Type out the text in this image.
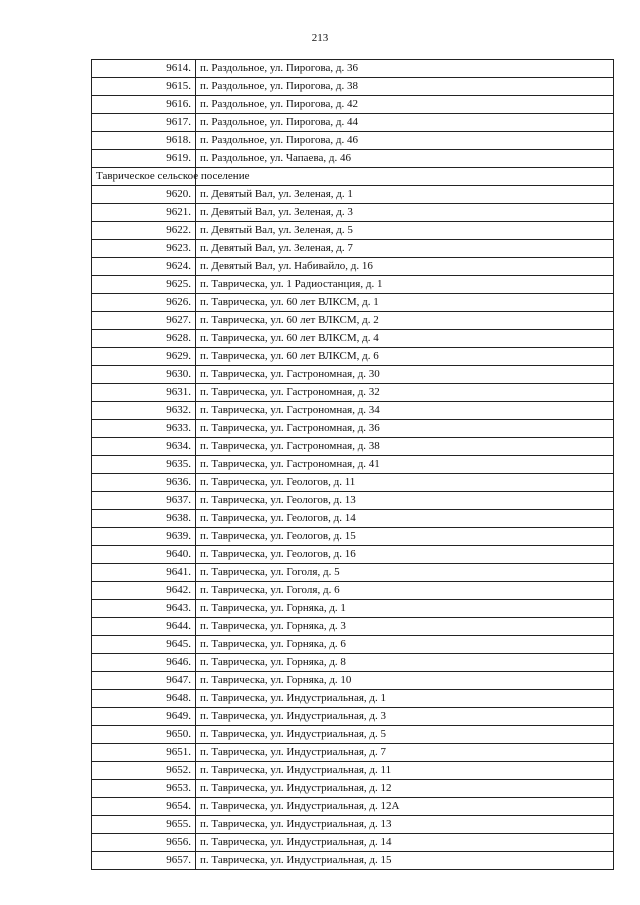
213
9614.	п. Раздольное, ул. Пирогова, д. 36
9615.	п. Раздольное, ул. Пирогова, д. 38
9616.	п. Раздольное, ул. Пирогова, д. 42
9617.	п. Раздольное, ул. Пирогова, д. 44
9618.	п. Раздольное, ул. Пирогова, д. 46
9619.	п. Раздольное, ул. Чапаева, д. 46
Таврическое сельское поселение	
9620.	п. Девятый Вал, ул. Зеленая, д. 1
9621.	п. Девятый Вал, ул. Зеленая, д. 3
9622.	п. Девятый Вал, ул. Зеленая, д. 5
9623.	п. Девятый Вал, ул. Зеленая, д. 7
9624.	п. Девятый Вал, ул. Набивайло, д. 16
9625.	п. Таврическа, ул. 1 Радиостанция, д. 1
9626.	п. Таврическа, ул. 60 лет ВЛКСМ, д. 1
9627.	п. Таврическа, ул. 60 лет ВЛКСМ, д. 2
9628.	п. Таврическа, ул. 60 лет ВЛКСМ, д. 4
9629.	п. Таврическа, ул. 60 лет ВЛКСМ, д. 6
9630.	п. Таврическа, ул. Гастрономная, д. 30
9631.	п. Таврическа, ул. Гастрономная, д. 32
9632.	п. Таврическа, ул. Гастрономная, д. 34
9633.	п. Таврическа, ул. Гастрономная, д. 36
9634.	п. Таврическа, ул. Гастрономная, д. 38
9635.	п. Таврическа, ул. Гастрономная, д. 41
9636.	п. Таврическа, ул. Геологов, д. 11
9637.	п. Таврическа, ул. Геологов, д. 13
9638.	п. Таврическа, ул. Геологов, д. 14
9639.	п. Таврическа, ул. Геологов, д. 15
9640.	п. Таврическа, ул. Геологов, д. 16
9641.	п. Таврическа, ул. Гоголя, д. 5
9642.	п. Таврическа, ул. Гоголя, д. 6
9643.	п. Таврическа, ул. Горняка, д. 1
9644.	п. Таврическа, ул. Горняка, д. 3
9645.	п. Таврическа, ул. Горняка, д. 6
9646.	п. Таврическа, ул. Горняка, д. 8
9647.	п. Таврическа, ул. Горняка, д. 10
9648.	п. Таврическа, ул. Индустриальная, д. 1
9649.	п. Таврическа, ул. Индустриальная, д. 3
9650.	п. Таврическа, ул. Индустриальная, д. 5
9651.	п. Таврическа, ул. Индустриальная, д. 7
9652.	п. Таврическа, ул. Индустриальная, д. 11
9653.	п. Таврическа, ул. Индустриальная, д. 12
9654.	п. Таврическа, ул. Индустриальная, д. 12А
9655.	п. Таврическа, ул. Индустриальная, д. 13
9656.	п. Таврическа, ул. Индустриальная, д. 14
9657.	п. Таврическа, ул. Индустриальная, д. 15
